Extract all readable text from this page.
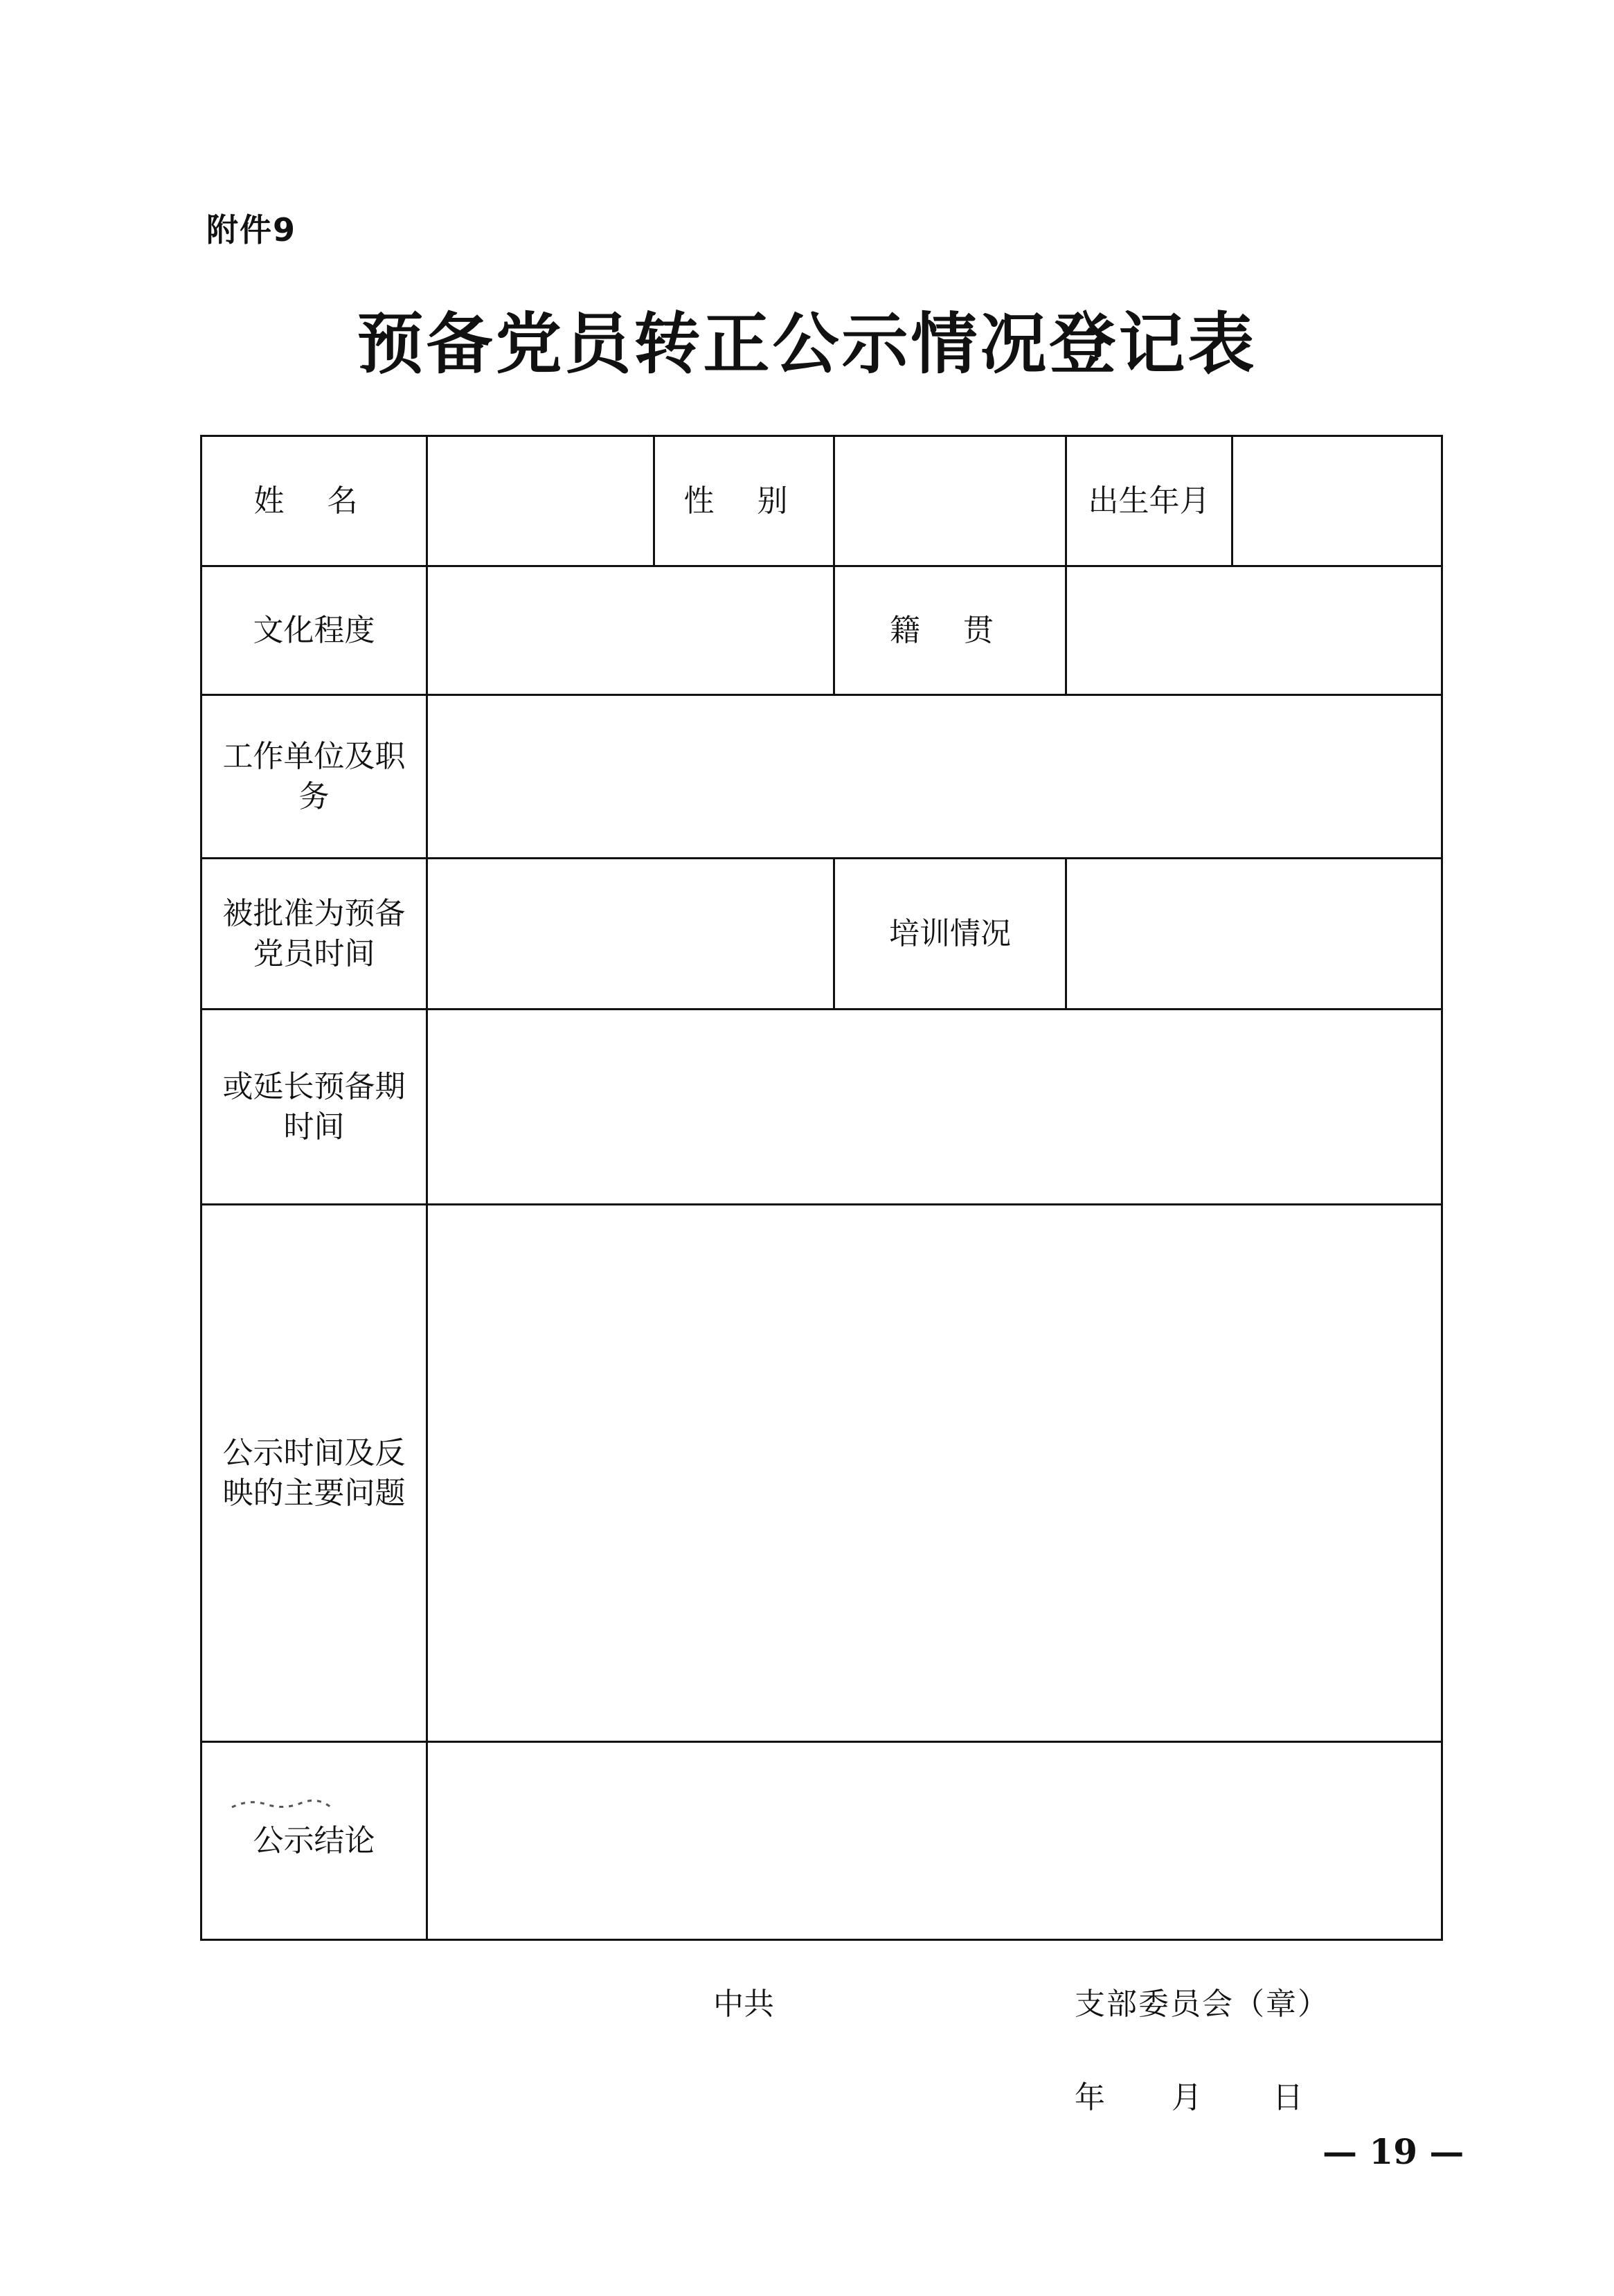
附件9
预备党员转正公示情况登记表
姓 名		性 别		出生年月	
文化程度			籍 贯		

工作单位及职务					

被批准为预备党员时间			培训情况		

或延长预备期时间					

公示时间及反映的主要问题					

公示结论					
中共	支部委员会（章）
年 月 日
— 19 —
